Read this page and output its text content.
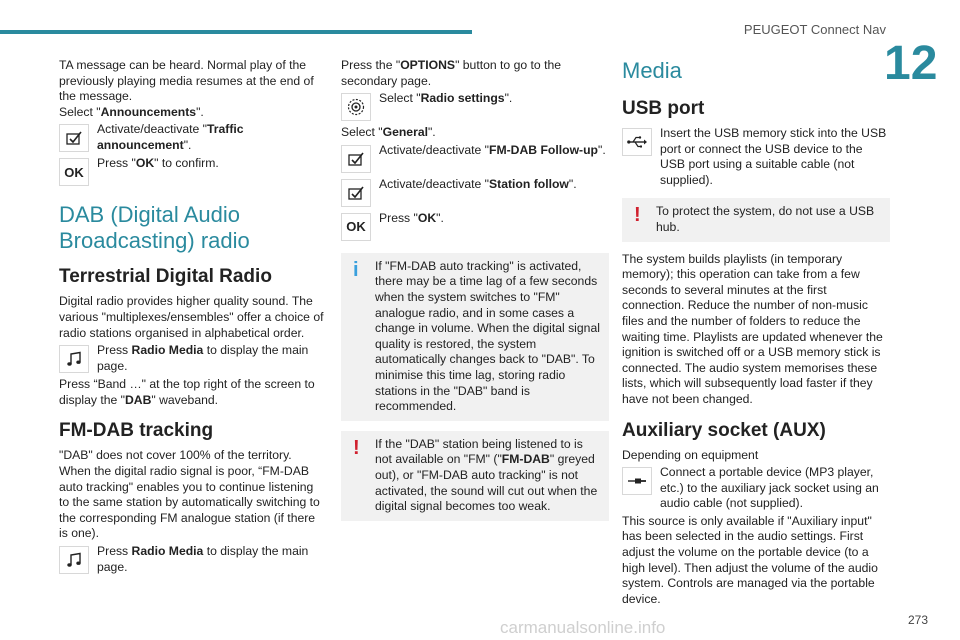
PEUGEOT Connect Nav
12

TA message can be heard. Normal play of the previously playing media resumes at the end of the message.

Select "Announcements".

Activate/deactivate "Traffic announcement".
OK
Press "OK" to confirm.
DAB (Digital Audio Broadcasting) radio
Terrestrial Digital Radio

Digital radio provides higher quality sound. The various "multiplexes/ensembles" offer a choice of radio stations organised in alphabetical order.

Press Radio Media to display the main page.

Press “Band …" at the top right of the screen to display the "DAB" waveband.

FM-DAB tracking

"DAB" does not cover 100% of the territory. When the digital radio signal is poor, “FM-DAB auto tracking" enables you to continue listening to the same station by automatically switching to the corresponding FM analogue station (if there is one).

Press Radio Media to display the main page.

Press the "OPTIONS" button to go to the secondary page.

Select "Radio settings".

Select "General".

Activate/deactivate "FM-DAB Follow-up".
Activate/deactivate "Station follow".
OK
Press "OK".
i If "FM-DAB auto tracking" is activated, there may be a time lag of a few seconds when the system switches to "FM" analogue radio, and in some cases a change in volume. When the digital signal quality is restored, the system automatically changes back to "DAB". To minimise this time lag, storing radio stations in the "DAB" band is recommended.
! If the "DAB" station being listened to is not available on "FM" ("FM-DAB" greyed out), or "FM-DAB auto tracking" is not activated, the sound will cut out when the digital signal becomes too weak.
Media
USB port
Insert the USB memory stick into the USB port or connect the USB device to the USB port using a suitable cable (not supplied).
! To protect the system, do not use a USB hub.

The system builds playlists (in temporary memory); this operation can take from a few seconds to several minutes at the first connection. Reduce the number of non-music files and the number of folders to reduce the waiting time. Playlists are updated whenever the ignition is switched off or a USB memory stick is connected. The audio system memorises these lists, which will subsequently load faster if they have not been changed.

Auxiliary socket (AUX)

Depending on equipment

Connect a portable device (MP3 player, etc.) to the auxiliary jack socket using an audio cable (not supplied).

This source is only available if "Auxiliary input" has been selected in the audio settings. First adjust the volume on the portable device (to a high level). Then adjust the volume of the audio system. Controls are managed via the portable device.

273
carmanualsonline.info
